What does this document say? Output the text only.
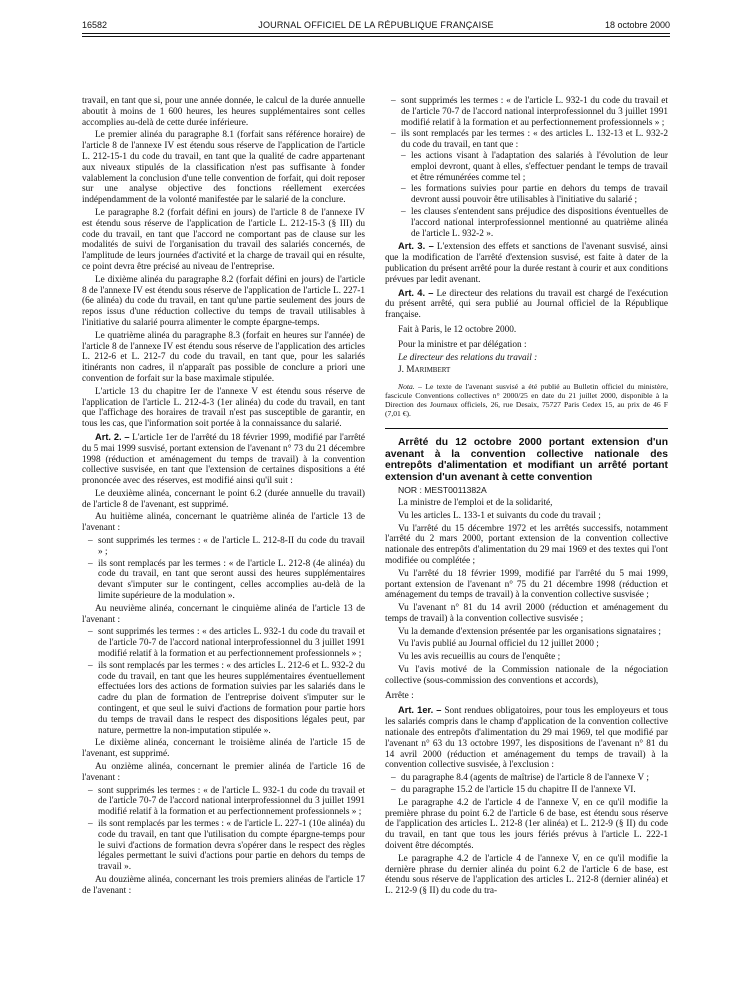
16582	JOURNAL OFFICIEL DE LA RÉPUBLIQUE FRANÇAISE	18 octobre 2000

travail, en tant que si, pour une année donnée, le calcul de la durée annuelle aboutit à moins de 1 600 heures, les heures supplémentaires sont celles accomplies au-delà de cette durée inférieure.

Le premier alinéa du paragraphe 8.1 (forfait sans référence horaire) de l'article 8 de l'annexe IV est étendu sous réserve de l'application de l'article L. 212-15-1 du code du travail, en tant que la qualité de cadre appartenant aux niveaux stipulés de la classification n'est pas suffisante à fonder valablement la conclusion d'une telle convention de forfait, qui doit reposer sur une analyse objective des fonctions réellement exercées indépendamment de la volonté manifestée par le salarié de la conclure.

Le paragraphe 8.2 (forfait défini en jours) de l'article 8 de l'annexe IV est étendu sous réserve de l'application de l'article L. 212-15-3 (§ III) du code du travail, en tant que l'accord ne comportant pas de clause sur les modalités de suivi de l'organisation du travail des salariés concernés, de l'amplitude de leurs journées d'activité et la charge de travail qui en résulte, ce point devra être précisé au niveau de l'entreprise.

Le dixième alinéa du paragraphe 8.2 (forfait défini en jours) de l'article 8 de l'annexe IV est étendu sous réserve de l'application de l'article L. 227-1 (6e alinéa) du code du travail, en tant qu'une partie seulement des jours de repos issus d'une réduction collective du temps de travail utilisables à l'initiative du salarié pourra alimenter le compte épargne-temps.

Le quatrième alinéa du paragraphe 8.3 (forfait en heures sur l'année) de l'article 8 de l'annexe IV est étendu sous réserve de l'application des articles L. 212-6 et L. 212-7 du code du travail, en tant que, pour les salariés itinérants non cadres, il n'apparaît pas possible de conclure a priori une convention de forfait sur la base maximale stipulée.

L'article 13 du chapitre Ier de l'annexe V est étendu sous réserve de l'application de l'article L. 212-4-3 (1er alinéa) du code du travail, en tant que l'affichage des horaires de travail n'est pas susceptible de garantir, en tous les cas, que l'information soit portée à la connaissance du salarié.

Art. 2. – L'article 1er de l'arrêté du 18 février 1999, modifié par l'arrêté du 5 mai 1999 susvisé, portant extension de l'avenant n° 73 du 21 décembre 1998 (réduction et aménagement du temps de travail) à la convention collective susvisée, en tant que l'extension de certaines dispositions a été prononcée avec des réserves, est modifié ainsi qu'il suit :

Le deuxième alinéa, concernant le point 6.2 (durée annuelle du travail) de l'article 8 de l'avenant, est supprimé.

Au huitième alinéa, concernant le quatrième alinéa de l'article 13 de l'avenant :

– sont supprimés les termes : « de l'article L. 212-8-II du code du travail » ;
– ils sont remplacés par les termes : « de l'article L. 212-8 (4e alinéa) du code du travail, en tant que seront aussi des heures supplémentaires devant s'imputer sur le contingent, celles accomplies au-delà de la limite supérieure de la modulation ».

Au neuvième alinéa, concernant le cinquième alinéa de l'article 13 de l'avenant :

– sont supprimés les termes : « des articles L. 932-1 du code du travail et de l'article 70-7 de l'accord national interprofessionnel du 3 juillet 1991 modifié relatif à la formation et au perfectionnement professionnels » ;
– ils sont remplacés par les termes : « des articles L. 212-6 et L. 932-2 du code du travail, en tant que les heures supplémentaires éventuellement effectuées lors des actions de formation suivies par les salariés dans le cadre du plan de formation de l'entreprise doivent s'imputer sur le contingent, et que seul le suivi d'actions de formation pour partie hors du temps de travail dans le respect des dispositions légales peut, par nature, permettre la non-imputation stipulée ».

Le dixième alinéa, concernant le troisième alinéa de l'article 15 de l'avenant, est supprimé.

Au onzième alinéa, concernant le premier alinéa de l'article 16 de l'avenant :

– sont supprimés les termes : « de l'article L. 932-1 du code du travail et de l'article 70-7 de l'accord national interprofessionnel du 3 juillet 1991 modifié relatif à la formation et au perfectionnement professionnels » ;
– ils sont remplacés par les termes : « de l'article L. 227-1 (10e alinéa) du code du travail, en tant que l'utilisation du compte épargne-temps pour le suivi d'actions de formation devra s'opérer dans le respect des règles légales permettant le suivi d'actions pour partie en dehors du temps de travail ».

Au douzième alinéa, concernant les trois premiers alinéas de l'article 17 de l'avenant :

– sont supprimés les termes : « de l'article L. 932-1 du code du travail et de l'article 70-7 de l'accord national interprofessionnel du 3 juillet 1991 modifié relatif à la formation et au perfectionnement professionnels » ;
– ils sont remplacés par les termes : « des articles L. 132-13 et L. 932-2 du code du travail, en tant que :
– les actions visant à l'adaptation des salariés à l'évolution de leur emploi devront, quant à elles, s'effectuer pendant le temps de travail et être rémunérées comme tel ;
– les formations suivies pour partie en dehors du temps de travail devront aussi pouvoir être utilisables à l'initiative du salarié ;
– les clauses s'entendent sans préjudice des dispositions éventuelles de l'accord national interprofessionnel mentionné au quatrième alinéa de l'article L. 932-2 ».

Art. 3. – L'extension des effets et sanctions de l'avenant susvisé, ainsi que la modification de l'arrêté d'extension susvisé, est faite à dater de la publication du présent arrêté pour la durée restant à courir et aux conditions prévues par ledit avenant.

Art. 4. – Le directeur des relations du travail est chargé de l'exécution du présent arrêté, qui sera publié au Journal officiel de la République française.

Fait à Paris, le 12 octobre 2000.

Pour la ministre et par délégation :

Le directeur des relations du travail :

J. Marimbert

Nota. – Le texte de l'avenant susvisé a été publié au Bulletin officiel du ministère, fascicule Conventions collectives n° 2000/25 en date du 21 juillet 2000, disponible à la Direction des Journaux officiels, 26, rue Desaix, 75727 Paris Cedex 15, au prix de 46 F (7,01 €).

Arrêté du 12 octobre 2000 portant extension d'un avenant à la convention collective nationale des entrepôts d'alimentation et modifiant un arrêté portant extension d'un avenant à cette convention

NOR : MEST0011382A

La ministre de l'emploi et de la solidarité,

Vu les articles L. 133-1 et suivants du code du travail ;

Vu l'arrêté du 15 décembre 1972 et les arrêtés successifs, notamment l'arrêté du 2 mars 2000, portant extension de la convention collective nationale des entrepôts d'alimentation du 29 mai 1969 et des textes qui l'ont modifiée ou complétée ;

Vu l'arrêté du 18 février 1999, modifié par l'arrêté du 5 mai 1999, portant extension de l'avenant n° 75 du 21 décembre 1998 (réduction et aménagement du temps de travail) à la convention collective susvisée ;

Vu l'avenant n° 81 du 14 avril 2000 (réduction et aménagement du temps de travail) à la convention collective susvisée ;

Vu la demande d'extension présentée par les organisations signataires ;

Vu l'avis publié au Journal officiel du 12 juillet 2000 ;

Vu les avis recueillis au cours de l'enquête ;

Vu l'avis motivé de la Commission nationale de la négociation collective (sous-commission des conventions et accords),

Arrête :

Art. 1er. – Sont rendues obligatoires, pour tous les employeurs et tous les salariés compris dans le champ d'application de la convention collective nationale des entrepôts d'alimentation du 29 mai 1969, tel que modifié par l'avenant n° 63 du 13 octobre 1997, les dispositions de l'avenant n° 81 du 14 avril 2000 (réduction et aménagement du temps de travail) à la convention collective susvisée, à l'exclusion :

– du paragraphe 8.4 (agents de maîtrise) de l'article 8 de l'annexe V ;
– du paragraphe 15.2 de l'article 15 du chapitre II de l'annexe VI.

Le paragraphe 4.2 de l'article 4 de l'annexe V, en ce qu'il modifie la première phrase du point 6.2 de l'article 6 de base, est étendu sous réserve de l'application des articles L. 212-8 (1er alinéa) et L. 212-9 (§ II) du code du travail, en tant que tous les jours fériés prévus à l'article L. 222-1 doivent être décomptés.

Le paragraphe 4.2 de l'article 4 de l'annexe V, en ce qu'il modifie la dernière phrase du dernier alinéa du point 6.2 de l'article 6 de base, est étendu sous réserve de l'application des articles L. 212-8 (dernier alinéa) et L. 212-9 (§ II) du code du tra-
